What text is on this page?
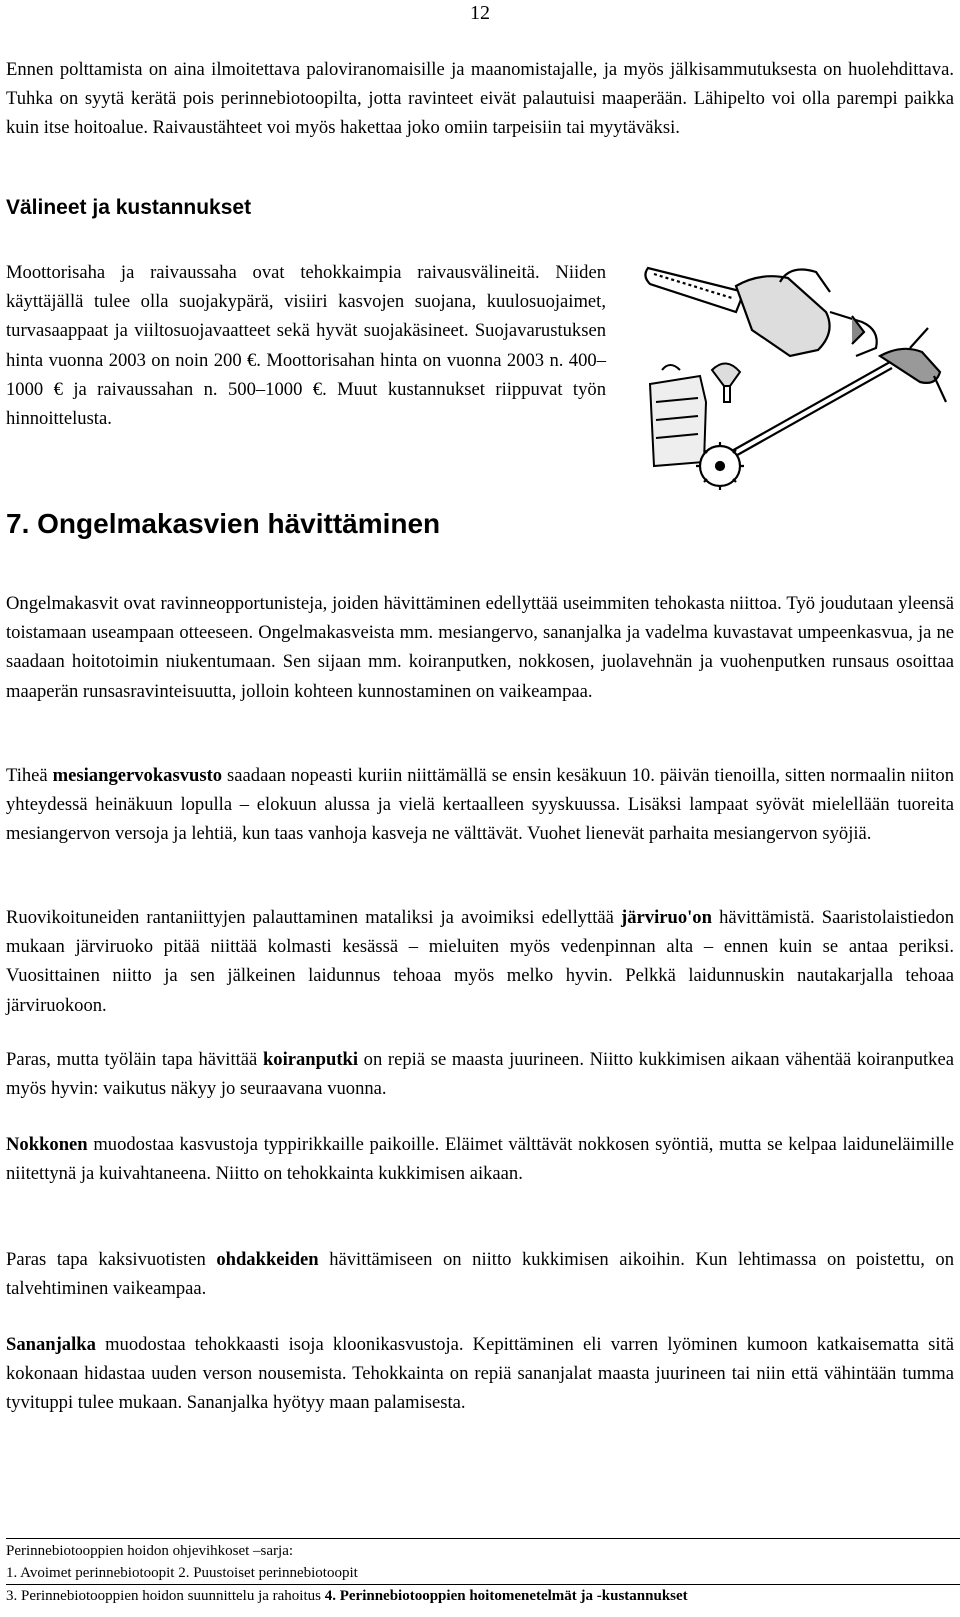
12

Ennen polttamista on aina ilmoitettava paloviranomaisille ja maanomistajalle, ja myös jälkisammutuksesta on huolehdittava. Tuhka on syytä kerätä pois perinnebiotoopilta, jotta ravinteet eivät palautuisi maaperään. Lähipelto voi olla parempi paikka kuin itse hoitoalue. Raivaustähteet voi myös hakettaa joko omiin tarpeisiin tai myytäväksi.

Välineet ja kustannukset

Moottorisaha ja raivaussaha ovat tehokkaimpia raivausvälineitä. Niiden käyttäjällä tulee olla suojakypärä, visiiri kasvojen suojana, kuulosuojaimet, turvasaappaat ja viiltosuojavaatteet sekä hyvät suojakäsineet. Suojavarustuksen hinta vuonna 2003 on noin 200 €. Moottorisahan hinta on vuonna 2003 n. 400–1000 € ja raivaussahan n. 500–1000 €. Muut kustannukset riippuvat työn hinnoittelusta.

7. Ongelmakasvien hävittäminen

Ongelmakasvit ovat ravinneopportunisteja, joiden hävittäminen edellyttää useimmiten tehokasta niittoa. Työ joudutaan yleensä toistamaan useampaan otteeseen. Ongelmakasveista mm. mesiangervo, sananjalka ja vadelma kuvastavat umpeenkasvua, ja ne saadaan hoitotoimin niukentumaan. Sen sijaan mm. koiranputken, nokkosen, juolavehnän ja vuohenputken runsaus osoittaa maaperän runsasravinteisuutta, jolloin kohteen kunnostaminen on vaikeampaa.

Tiheä mesiangervokasvusto saadaan nopeasti kuriin niittämällä se ensin kesäkuun 10. päivän tienoilla, sitten normaalin niiton yhteydessä heinäkuun lopulla – elokuun alussa ja vielä kertaalleen syyskuussa. Lisäksi lampaat syövät mielellään tuoreita mesiangervon versoja ja lehtiä, kun taas vanhoja kasveja ne välttävät. Vuohet lienevät parhaita mesiangervon syöjiä.

Ruovikoituneiden rantaniittyjen palauttaminen mataliksi ja avoimiksi edellyttää järviruo'on hävittämistä. Saaristolaistiedon mukaan järviruoko pitää niittää kolmasti kesässä – mieluiten myös vedenpinnan alta – ennen kuin se antaa periksi. Vuosittainen niitto ja sen jälkeinen laidunnus tehoaa myös melko hyvin. Pelkkä laidunnuskin nautakarjalla tehoaa järviruokoon.

Paras, mutta työläin tapa hävittää koiranputki on repiä se maasta juurineen. Niitto kukkimisen aikaan vähentää koiranputkea myös hyvin: vaikutus näkyy jo seuraavana vuonna.

Nokkonen muodostaa kasvustoja typpirikkaille paikoille. Eläimet välttävät nokkosen syöntiä, mutta se kelpaa laiduneläimille niitettynä ja kuivahtaneena. Niitto on tehokkainta kukkimisen aikaan.

Paras tapa kaksivuotisten ohdakkeiden hävittämiseen on niitto kukkimisen aikoihin. Kun lehtimassa on poistettu, on talvehtiminen vaikeampaa.

Sananjalka muodostaa tehokkaasti isoja kloonikasvustoja. Kepittäminen eli varren lyöminen kumoon katkaisematta sitä kokonaan hidastaa uuden verson nousemista. Tehokkainta on repiä sananjalat maasta juurineen tai niin että vähintään tumma tyvituppi tulee mukaan. Sananjalka hyötyy maan palamisesta.

Perinnebiotooppien hoidon ohjevihkoset –sarja:
1. Avoimet perinnebiotoopit 2. Puustoiset perinnebiotoopit
3. Perinnebiotooppien hoidon suunnittelu ja rahoitus 4. Perinnebiotooppien hoitomenetelmät ja -kustannukset
